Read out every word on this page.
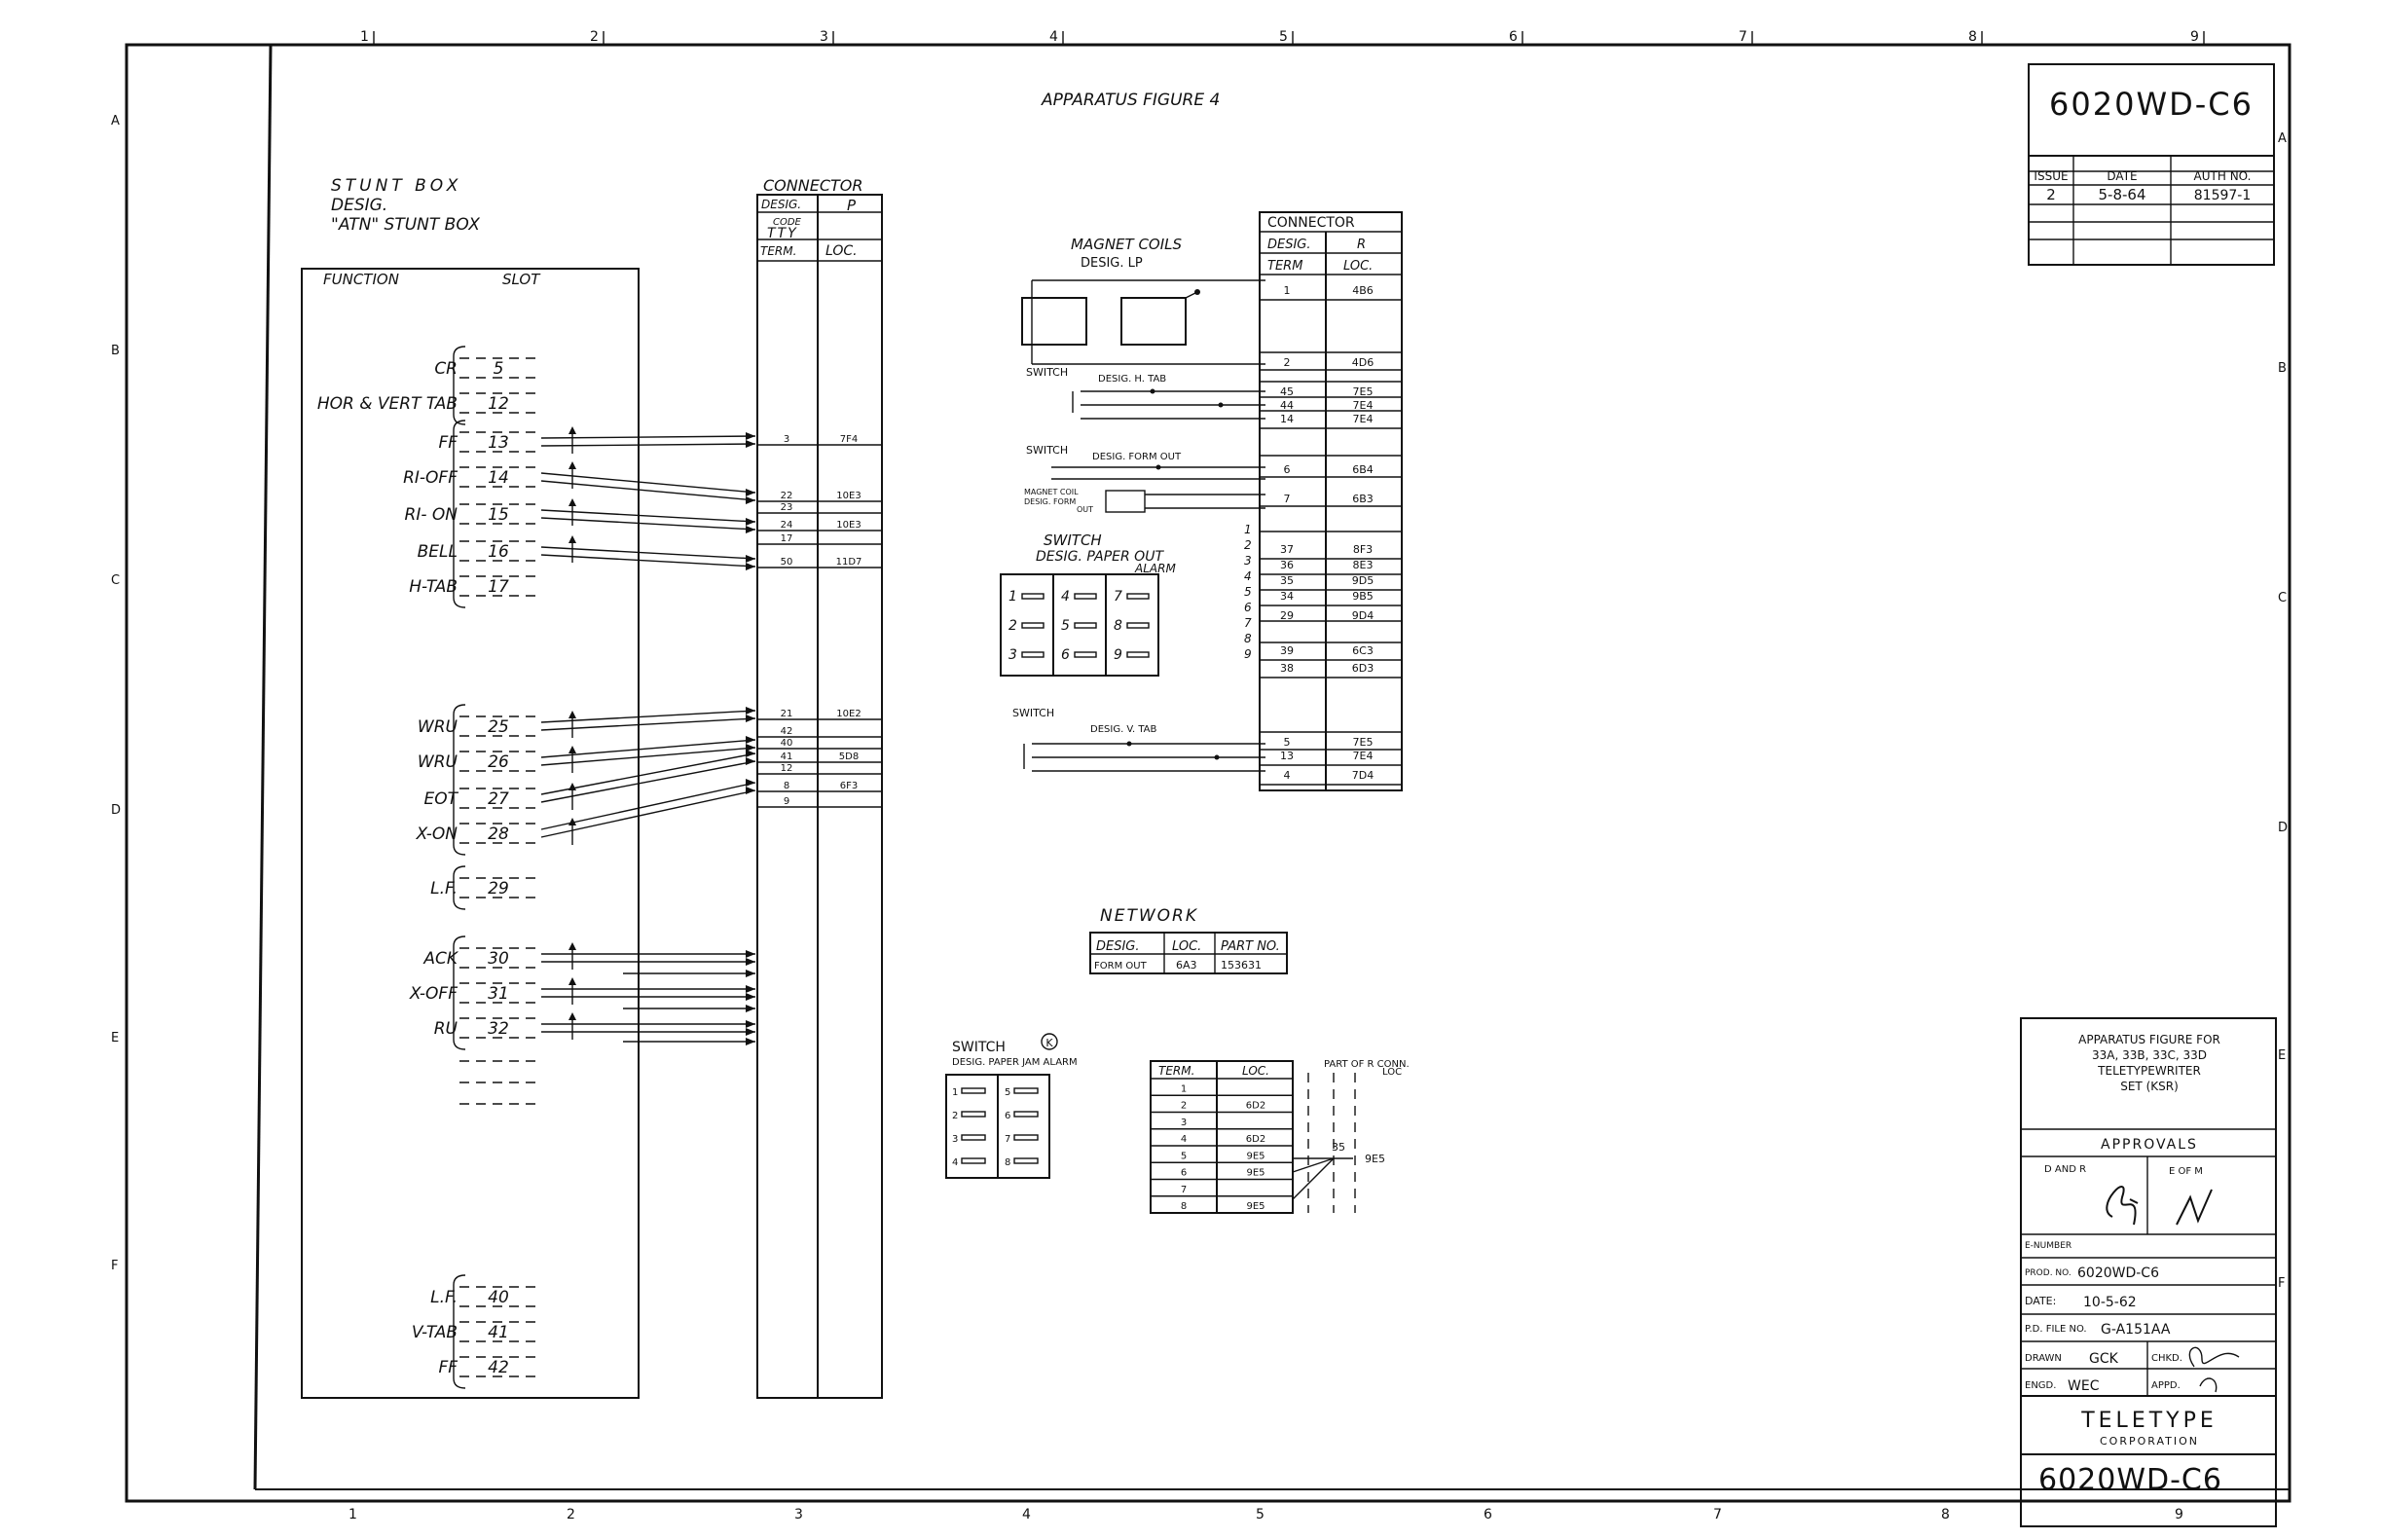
1
1
2
2
3
3
4
4
5
5
6
6
7
7
8
8
9
9
A
A
B
B
C
C
D
D
E
E
F
F
APPARATUS FIGURE 4	6020WD-C6
ISSUE	DATE	AUTH NO.
2	5-8-64	81597-1
STUNT BOX
DESIG.
"ATN" STUNT BOX
FUNCTION	SLOT
CR 5
HOR & VERT TAB 12
FF 13
RI-OFF 14
RI- ON 15
BELL 16
H-TAB 17
WRU 25
WRU 26
EOT 27
X-ON 28
L.F. 29
ACK 30
X-OFF 31
RU 32
L.F. 40
V-TAB 41
FF 42
CONNECTOR
DESIG.	P
CODE
TTY
TERM. LOC.
3	7F4
22	10E3
23
24	10E3
17
50	11D7
21	10E2
42
40
41	5D8
12
8	6F3
9
MAGNET COILS
DESIG. LP
SWITCH
DESIG. H. TAB
SWITCH
DESIG. FORM OUT
MAGNET COIL
DESIG. FORM
OUT
SWITCH
DESIG. PAPER OUT
ALARM
1
2
3
4
5
6
7
8
9
SWITCH
DESIG. V. TAB
CONNECTOR
DESIG.	R
TERM	LOC.
1	4B6
2	4D6
45	7E5
44	7E4
14	7E4
6	6B4
7	6B3
37	8F3
36	8E3
35	9D5
34	9B5
29	9D4
39	6C3
38	6D3
5	7E5
13	7E4
4	7D4
1
2
3
4
5
6
7
8
9
NETWORK
DESIG.	LOC. PART NO.
FORM OUT	6A3 153631
SWITCH	K
DESIG. PAPER JAM ALARM
1
2
3
4
5
6
7
8
TERM.	LOC.
1
2	6D2
3
4	6D2
5	9E5
6	9E5
7
8	9E5
PART OF R CONN.
LOC
35
9E5
APPARATUS FIGURE FOR
33A, 33B, 33C, 33D
TELETYPEWRITER
SET (KSR)
APPROVALS
D AND R	E OF M
E-NUMBER
PROD. NO. 6020WD-C6
DATE: 10-5-62
P.D. FILE NO. G-A151AA
DRAWN GCK	CHKD.
ENGD. WEC	APPD.
TELETYPE
CORPORATION
6020WD-C6
